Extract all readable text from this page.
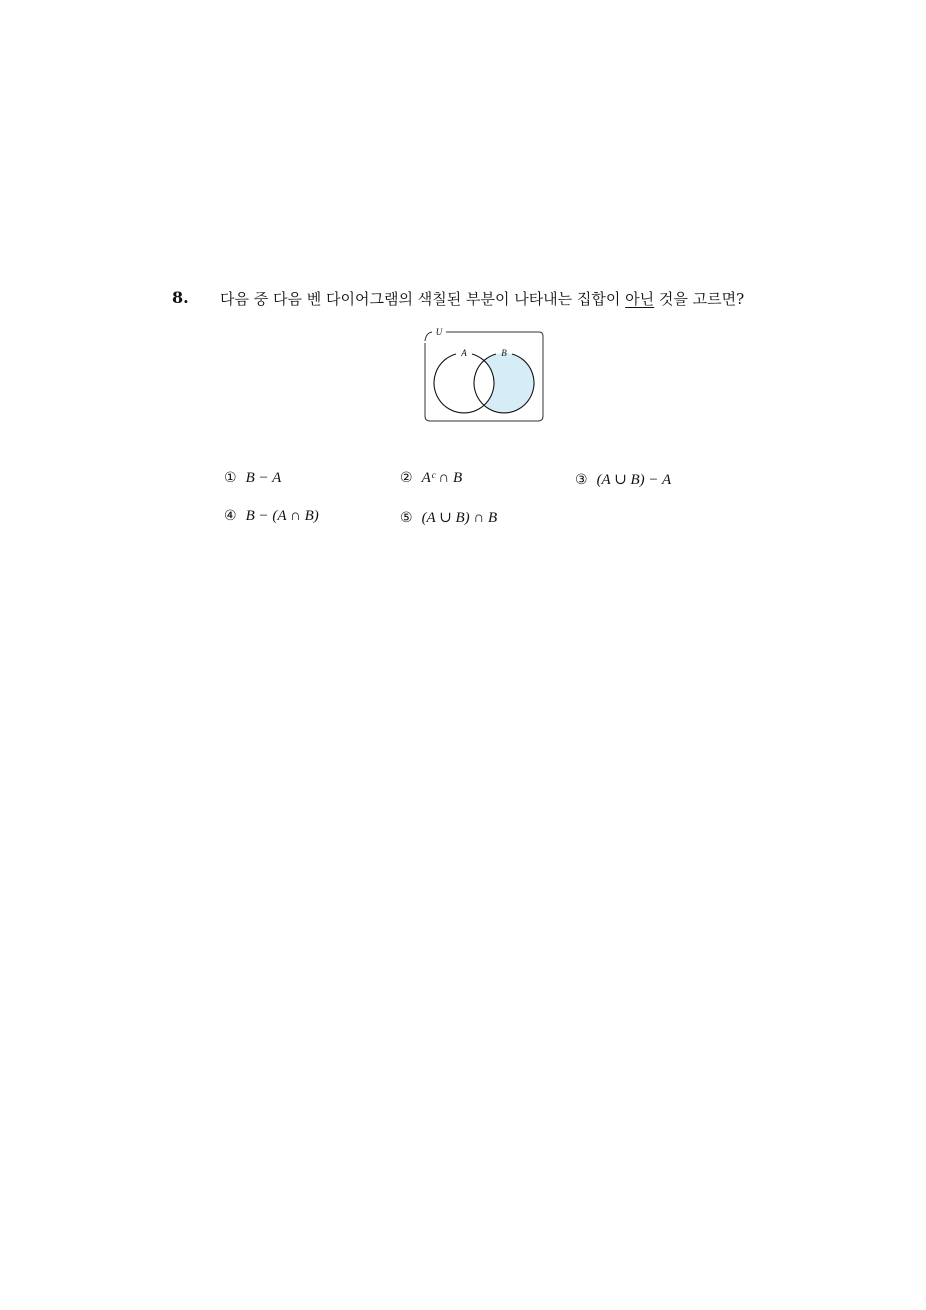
8. 다음 중 다음 벤 다이어그램의 색칠된 부분이 나타내는 집합이 아닌 것을 고르면?
U
A	B
① B − A	② Aᶜ ∩ B	③ (A ∪ B) − A
④ B − (A ∩ B)	⑤ (A ∪ B) ∩ B
